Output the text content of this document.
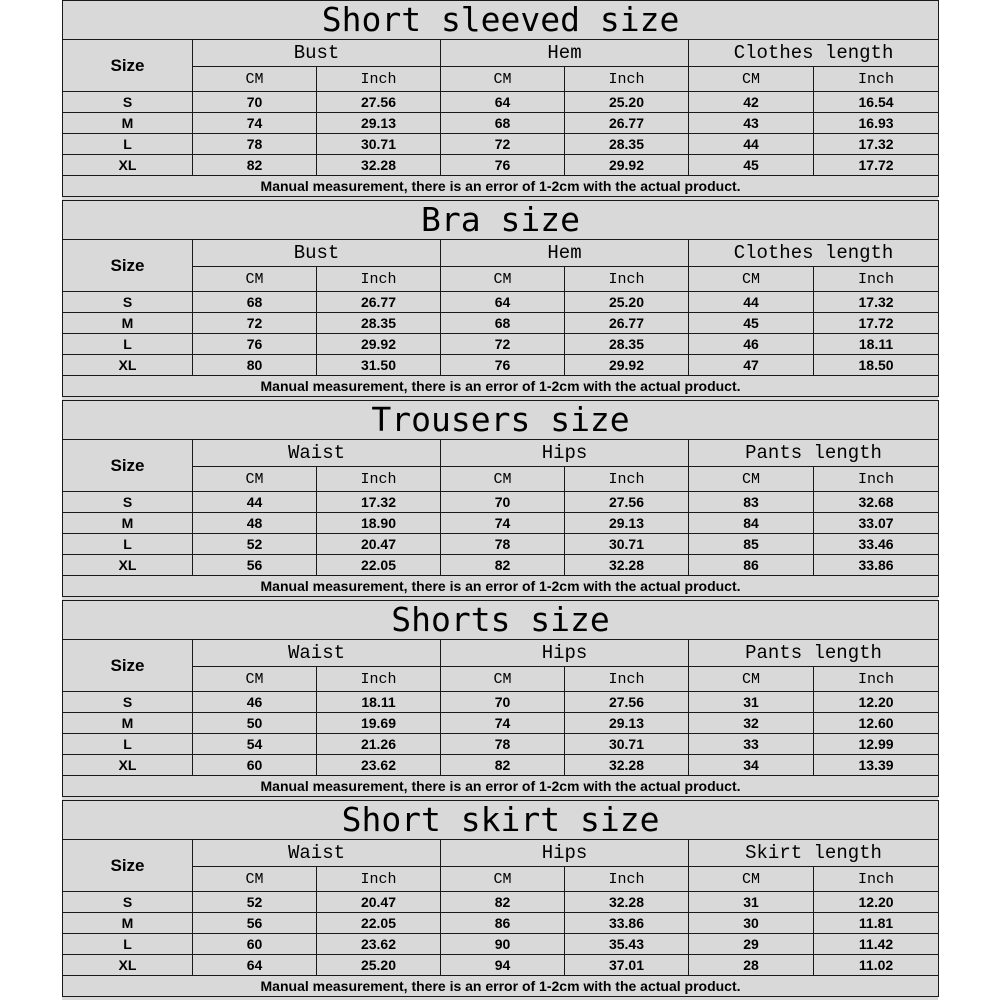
Short sleeved size						
Size	Bust		Hem		Clothes length	
	CM	Inch	CM	Inch	CM	Inch
S	70	27.56	64	25.20	42	16.54
M	74	29.13	68	26.77	43	16.93
L	78	30.71	72	28.35	44	17.32
XL	82	32.28	76	29.92	45	17.72
Manual measurement, there is an error of 1-2cm with the actual product.						
Bra size						
Size	Bust		Hem		Clothes length	
	CM	Inch	CM	Inch	CM	Inch
S	68	26.77	64	25.20	44	17.32
M	72	28.35	68	26.77	45	17.72
L	76	29.92	72	28.35	46	18.11
XL	80	31.50	76	29.92	47	18.50
Manual measurement, there is an error of 1-2cm with the actual product.						
Trousers size						
Size	Waist		Hips		Pants length	
	CM	Inch	CM	Inch	CM	Inch
S	44	17.32	70	27.56	83	32.68
M	48	18.90	74	29.13	84	33.07
L	52	20.47	78	30.71	85	33.46
XL	56	22.05	82	32.28	86	33.86
Manual measurement, there is an error of 1-2cm with the actual product.						
Shorts size						
Size	Waist		Hips		Pants length	
	CM	Inch	CM	Inch	CM	Inch
S	46	18.11	70	27.56	31	12.20
M	50	19.69	74	29.13	32	12.60
L	54	21.26	78	30.71	33	12.99
XL	60	23.62	82	32.28	34	13.39
Manual measurement, there is an error of 1-2cm with the actual product.						
Short skirt size						
Size	Waist		Hips		Skirt length	
	CM	Inch	CM	Inch	CM	Inch
S	52	20.47	82	32.28	31	12.20
M	56	22.05	86	33.86	30	11.81
L	60	23.62	90	35.43	29	11.42
XL	64	25.20	94	37.01	28	11.02
Manual measurement, there is an error of 1-2cm with the actual product.						
